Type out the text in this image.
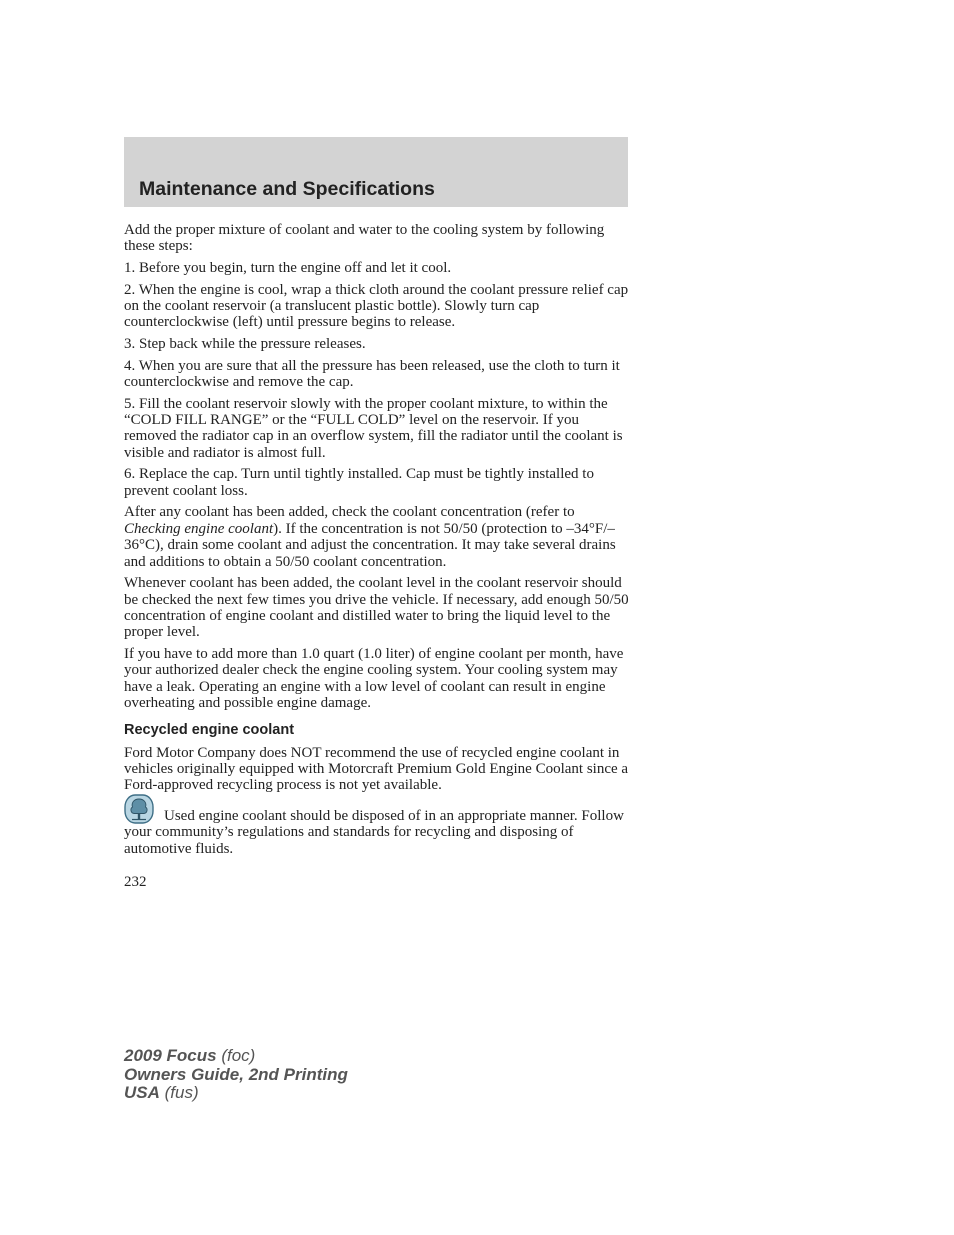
Maintenance and Specifications

Add the proper mixture of coolant and water to the cooling system by following these steps:

1. Before you begin, turn the engine off and let it cool.

2. When the engine is cool, wrap a thick cloth around the coolant pressure relief cap on the coolant reservoir (a translucent plastic bottle). Slowly turn cap counterclockwise (left) until pressure begins to release.

3. Step back while the pressure releases.

4. When you are sure that all the pressure has been released, use the cloth to turn it counterclockwise and remove the cap.

5. Fill the coolant reservoir slowly with the proper coolant mixture, to within the “COLD FILL RANGE” or the “FULL COLD” level on the reservoir. If you removed the radiator cap in an overflow system, fill the radiator until the coolant is visible and radiator is almost full.

6. Replace the cap. Turn until tightly installed. Cap must be tightly installed to prevent coolant loss.

After any coolant has been added, check the coolant concentration (refer to Checking engine coolant). If the concentration is not 50/50 (protection to –34°F/–36°C), drain some coolant and adjust the concentration. It may take several drains and additions to obtain a 50/50 coolant concentration.

Whenever coolant has been added, the coolant level in the coolant reservoir should be checked the next few times you drive the vehicle. If necessary, add enough 50/50 concentration of engine coolant and distilled water to bring the liquid level to the proper level.

If you have to add more than 1.0 quart (1.0 liter) of engine coolant per month, have your authorized dealer check the engine cooling system. Your cooling system may have a leak. Operating an engine with a low level of coolant can result in engine overheating and possible engine damage.

Recycled engine coolant

Ford Motor Company does NOT recommend the use of recycled engine coolant in vehicles originally equipped with Motorcraft Premium Gold Engine Coolant since a Ford-approved recycling process is not yet available.

Used engine coolant should be disposed of in an appropriate manner. Follow your community’s regulations and standards for recycling and disposing of automotive fluids.

232

2009 Focus (foc)
Owners Guide, 2nd Printing
USA (fus)
